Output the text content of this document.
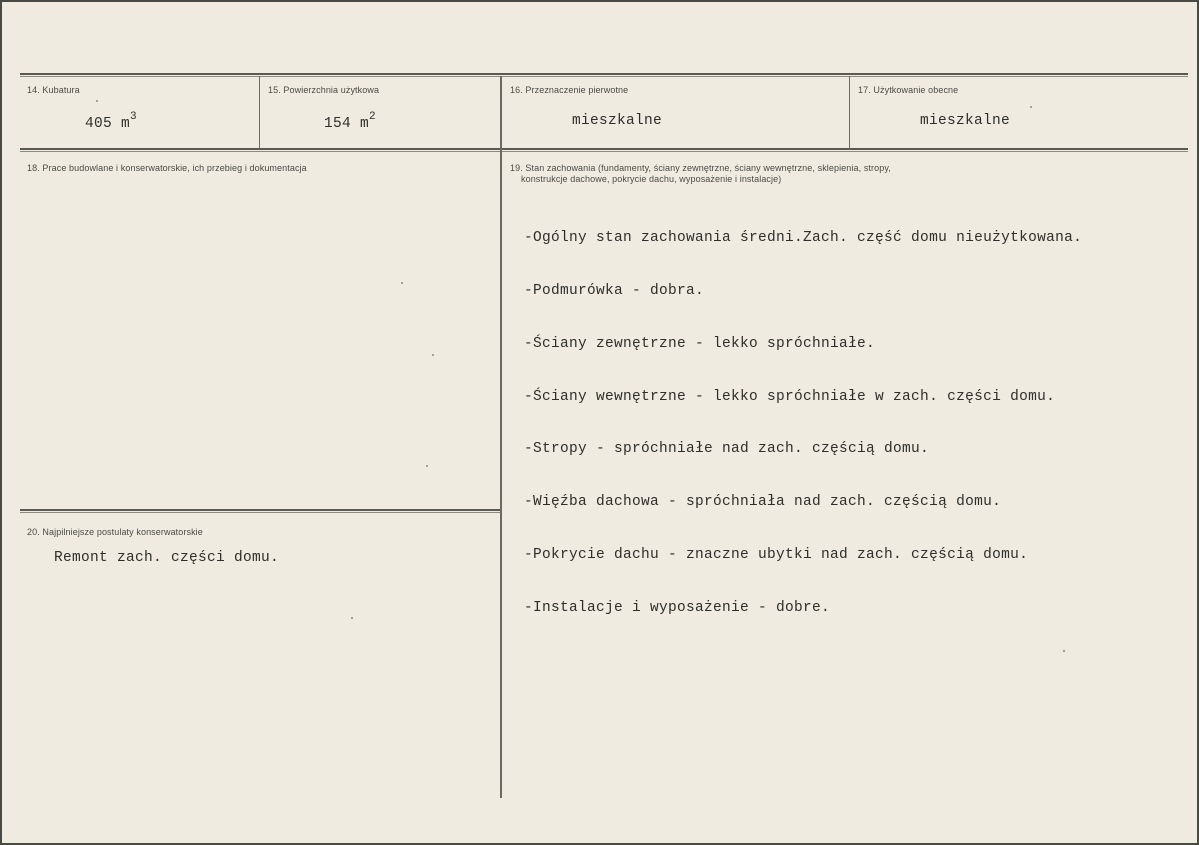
14. Kubatura
405 $m^3$
15. Powierzchnia użytkowa
154 $m^2$
16. Przeznaczenie pierwotne
mieszkalne
17. Użytkowanie obecne
mieszkalne
18. Prace budowlane i konserwatorskie, ich przebieg i dokumentacja	19. Stan zachowania (fundamenty, ściany zewnętrzne, ściany wewnętrzne, sklepienia, stropy,
konstrukcje dachowe, pokrycie dachu, wyposażenie i instalacje)

-Ogólny stan zachowania średni.Zach. część domu nieużytkowana.

-Podmurówka - dobra.

-Ściany zewnętrzne - lekko spróchniałe.

-Ściany wewnętrzne - lekko spróchniałe w zach. części domu.

-Stropy - spróchniałe nad zach. częścią domu.

-Więźba dachowa - spróchniała nad zach. częścią domu.

-Pokrycie dachu - znaczne ubytki nad zach. częścią domu.

-Instalacje i wyposażenie - dobre.

20. Najpilniejsze postulaty konserwatorskie
Remont zach. części domu.
